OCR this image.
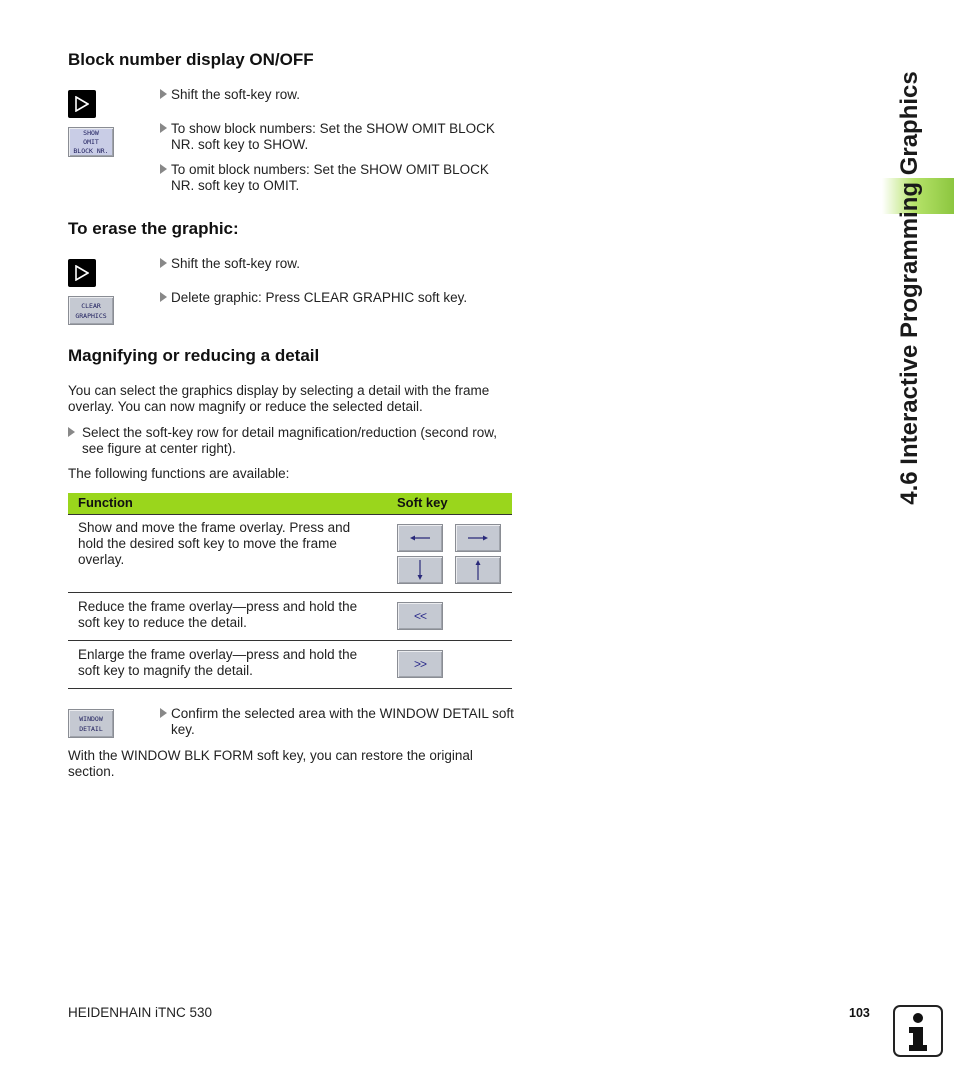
4.6 Interactive Programming Graphics
Block number display ON/OFF
Shift the soft-key row.
SHOW
OMIT
BLOCK NR.
To show block numbers: Set the SHOW OMIT BLOCK NR. soft key to SHOW.
To omit block numbers: Set the SHOW OMIT BLOCK NR. soft key to OMIT.
To erase the graphic:
Shift the soft-key row.
CLEAR
GRAPHICS
Delete graphic: Press CLEAR GRAPHIC soft key.
Magnifying or reducing a detail
You can select the graphics display by selecting a detail with the frame overlay. You can now magnify or reduce the selected detail.
Select the soft-key row for detail magnification/reduction (second row, see figure at center right).
The following functions are available:
Function	Soft key
Show and move the frame overlay. Press and hold the desired soft key to move the frame overlay.
Reduce the frame overlay—press and hold the soft key to reduce the detail.	<<
Enlarge the frame overlay—press and hold the soft key to magnify the detail.	>>
WINDOW
DETAIL
Confirm the selected area with the WINDOW DETAIL soft key.
With the WINDOW BLK FORM soft key, you can restore the original section.
HEIDENHAIN iTNC 530	103
